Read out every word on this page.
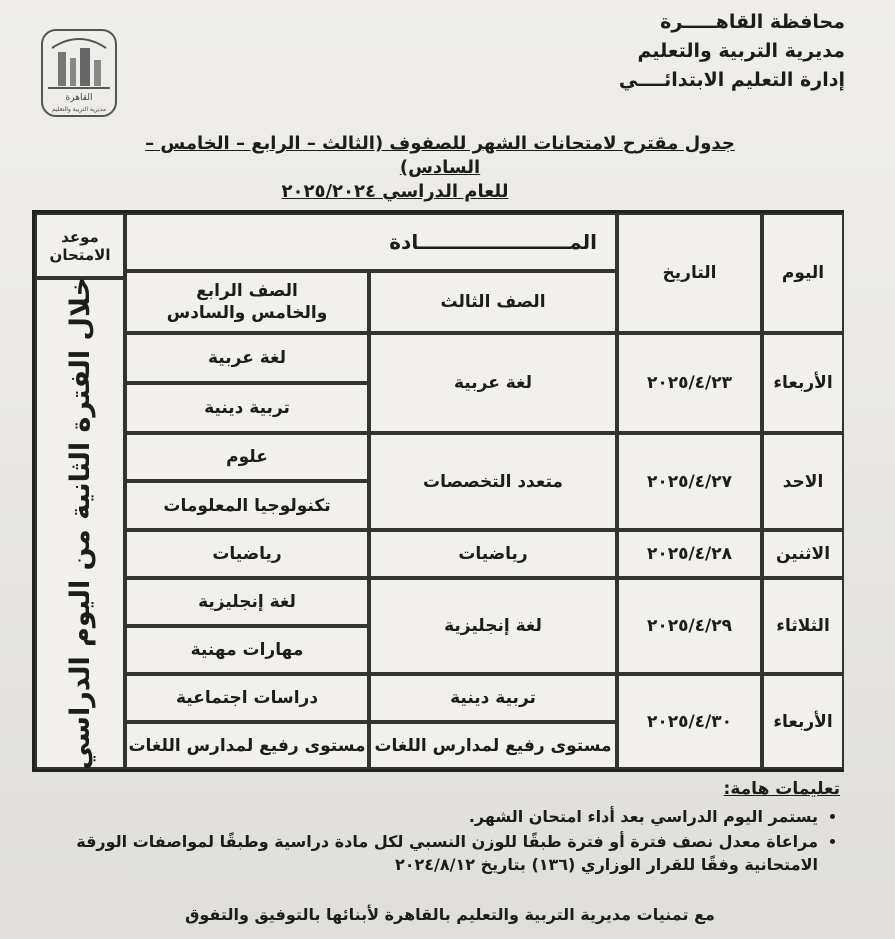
محافظة القاهـــــرة
مديرية التربية والتعليم
إدارة التعليم الابتدائــــي
القاهرة
مديرية التربية والتعليم
جدول مقترح لامتحانات الشهر للصفوف (الثالث – الرابع – الخامس – السادس)
للعام الدراسي ٢٠٢٥/٢٠٢٤
اليوم
التاريخ
المــــــــــــــــــــــادة
موعد الامتحان
الصف الثالث
الصف الرابع والخامس والسادس
خلال الفترة الثانية من اليوم الدراسي	الأربعاء
٢٠٢٥/٤/٢٣
لغة عربية
لغة عربية
تربية دينية
الاحد
٢٠٢٥/٤/٢٧
متعدد التخصصات
علوم
تكنولوجيا المعلومات
الاثنين
٢٠٢٥/٤/٢٨
رياضيات
رياضيات
الثلاثاء
٢٠٢٥/٤/٢٩
لغة إنجليزية
لغة إنجليزية
مهارات مهنية
الأربعاء
٢٠٢٥/٤/٣٠
تربية دينية
مستوى رفيع لمدارس اللغات
دراسات اجتماعية
مستوى رفيع لمدارس اللغات
تعليمات هامة:
• يستمر اليوم الدراسي بعد أداء امتحان الشهر.
• مراعاة معدل نصف فترة أو فترة طبقًا للوزن النسبي لكل مادة دراسية وطبقًا لمواصفات الورقة الامتحانية وفقًا للقرار الوزاري (١٣٦) بتاريخ ٢٠٢٤/٨/١٢
مع تمنيات مديرية التربية والتعليم بالقاهرة لأبنائها بالتوفيق والتفوق
